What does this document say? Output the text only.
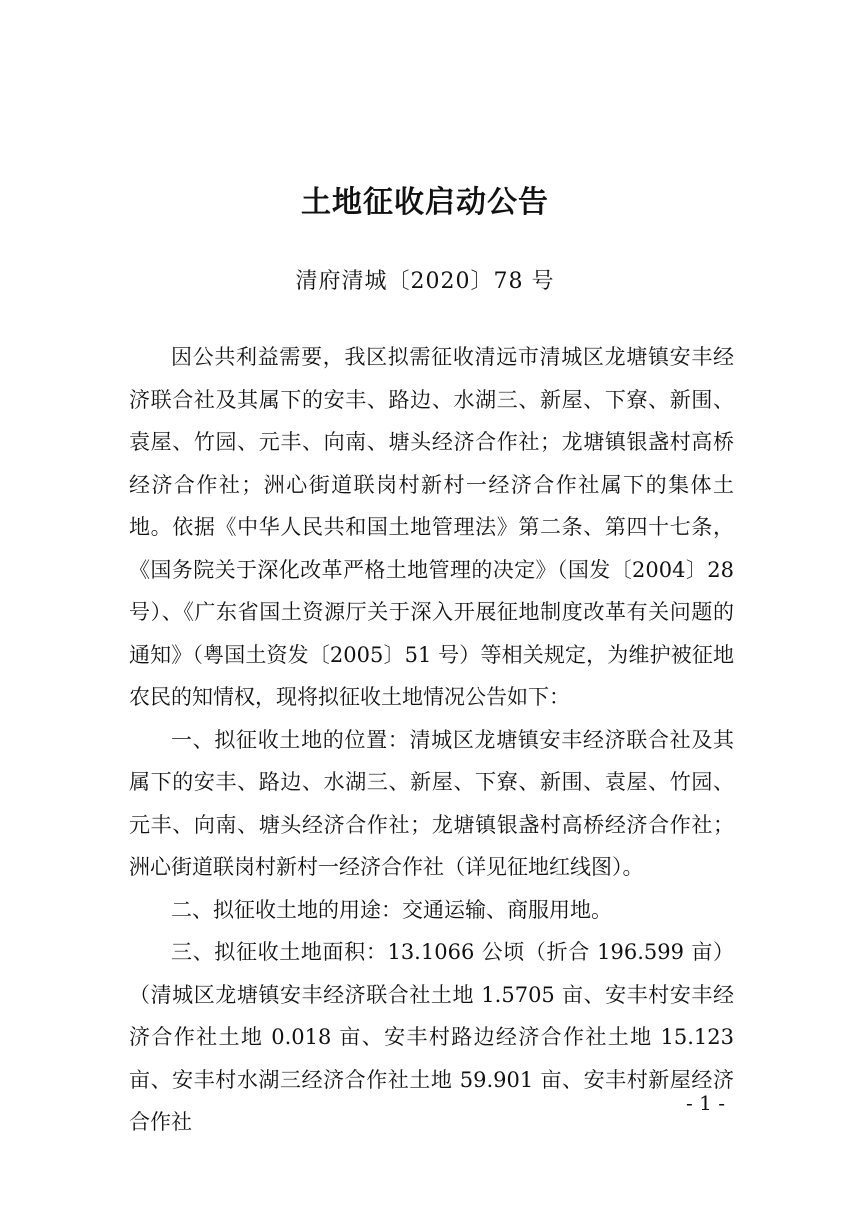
土地征收启动公告
清府清城〔2020〕78 号

因公共利益需要，我区拟需征收清远市清城区龙塘镇安丰经济联合社及其属下的安丰、路边、水湖三、新屋、下寮、新围、袁屋、竹园、元丰、向南、塘头经济合作社；龙塘镇银盏村高桥经济合作社；洲心街道联岗村新村一经济合作社属下的集体土地。依据《中华人民共和国土地管理法》第二条、第四十七条，《国务院关于深化改革严格土地管理的决定》（国发〔2004〕28 号）、《广东省国土资源厅关于深入开展征地制度改革有关问题的通知》（粤国土资发〔2005〕51 号）等相关规定，为维护被征地农民的知情权，现将拟征收土地情况公告如下：

一、拟征收土地的位置：清城区龙塘镇安丰经济联合社及其属下的安丰、路边、水湖三、新屋、下寮、新围、袁屋、竹园、元丰、向南、塘头经济合作社；龙塘镇银盏村高桥经济合作社；洲心街道联岗村新村一经济合作社（详见征地红线图）。

二、拟征收土地的用途：交通运输、商服用地。

三、拟征收土地面积：13.1066 公顷（折合 196.599 亩）（清城区龙塘镇安丰经济联合社土地 1.5705 亩、安丰村安丰经济合作社土地 0.018 亩、安丰村路边经济合作社土地 15.123 亩、安丰村水湖三经济合作社土地 59.901 亩、安丰村新屋经济合作社

- 1 -
